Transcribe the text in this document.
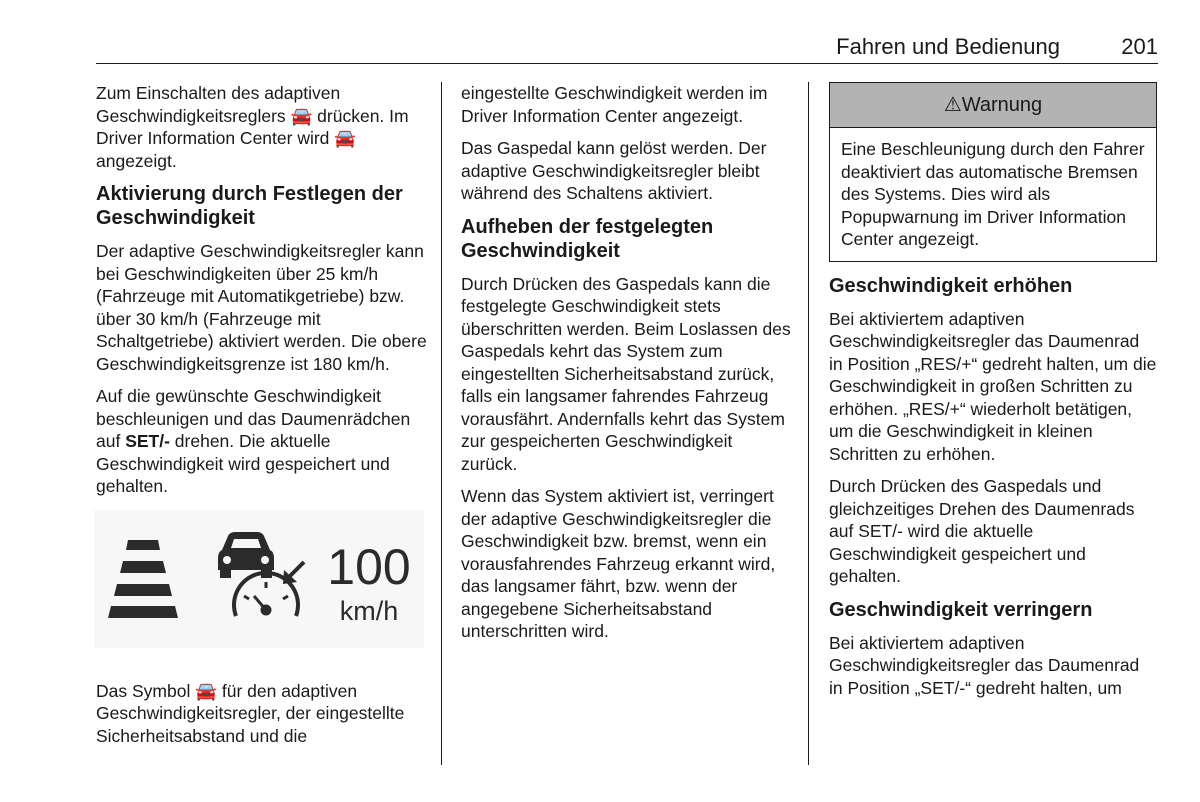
Fahren und Bedienung	201

Zum Einschalten des adaptiven Geschwindigkeitsreglers 🚘 drücken. Im Driver Information Center wird 🚘 angezeigt.

Aktivierung durch Festlegen der Geschwindigkeit

Der adaptive Geschwindigkeitsregler kann bei Geschwindigkeiten über 25 km/h (Fahrzeuge mit Automatikgetriebe) bzw. über 30 km/h (Fahrzeuge mit Schaltgetriebe) aktiviert werden. Die obere Geschwindigkeitsgrenze ist 180 km/h.

Auf die gewünschte Geschwindigkeit beschleunigen und das Daumenrädchen auf SET/- drehen. Die aktuelle Geschwindigkeit wird gespeichert und gehalten.

100
km/h

Das Symbol 🚘 für den adaptiven Geschwindigkeitsregler, der eingestellte Sicherheitsabstand und die

eingestellte Geschwindigkeit werden im Driver Information Center angezeigt.

Das Gaspedal kann gelöst werden. Der adaptive Geschwindigkeitsregler bleibt während des Schaltens aktiviert.

Aufheben der festgelegten Geschwindigkeit

Durch Drücken des Gaspedals kann die festgelegte Geschwindigkeit stets überschritten werden. Beim Loslassen des Gaspedals kehrt das System zum eingestellten Sicherheitsabstand zurück, falls ein langsamer fahrendes Fahrzeug vorausfährt. Andernfalls kehrt das System zur gespeicherten Geschwindigkeit zurück.

Wenn das System aktiviert ist, verringert der adaptive Geschwindigkeitsregler die Geschwindigkeit bzw. bremst, wenn ein vorausfahrendes Fahrzeug erkannt wird, das langsamer fährt, bzw. wenn der angegebene Sicherheitsabstand unterschritten wird.

⚠Warnung

Eine Beschleunigung durch den Fahrer deaktiviert das automatische Bremsen des Systems. Dies wird als Popupwarnung im Driver Information Center angezeigt.

Geschwindigkeit erhöhen

Bei aktiviertem adaptiven Geschwindigkeitsregler das Daumenrad in Position „RES/+“ gedreht halten, um die Geschwindigkeit in großen Schritten zu erhöhen. „RES/+“ wiederholt betätigen, um die Geschwindigkeit in kleinen Schritten zu erhöhen.

Durch Drücken des Gaspedals und gleichzeitiges Drehen des Daumenrads auf SET/- wird die aktuelle Geschwindigkeit gespeichert und gehalten.

Geschwindigkeit verringern

Bei aktiviertem adaptiven Geschwindigkeitsregler das Daumenrad in Position „SET/-“ gedreht halten, um
